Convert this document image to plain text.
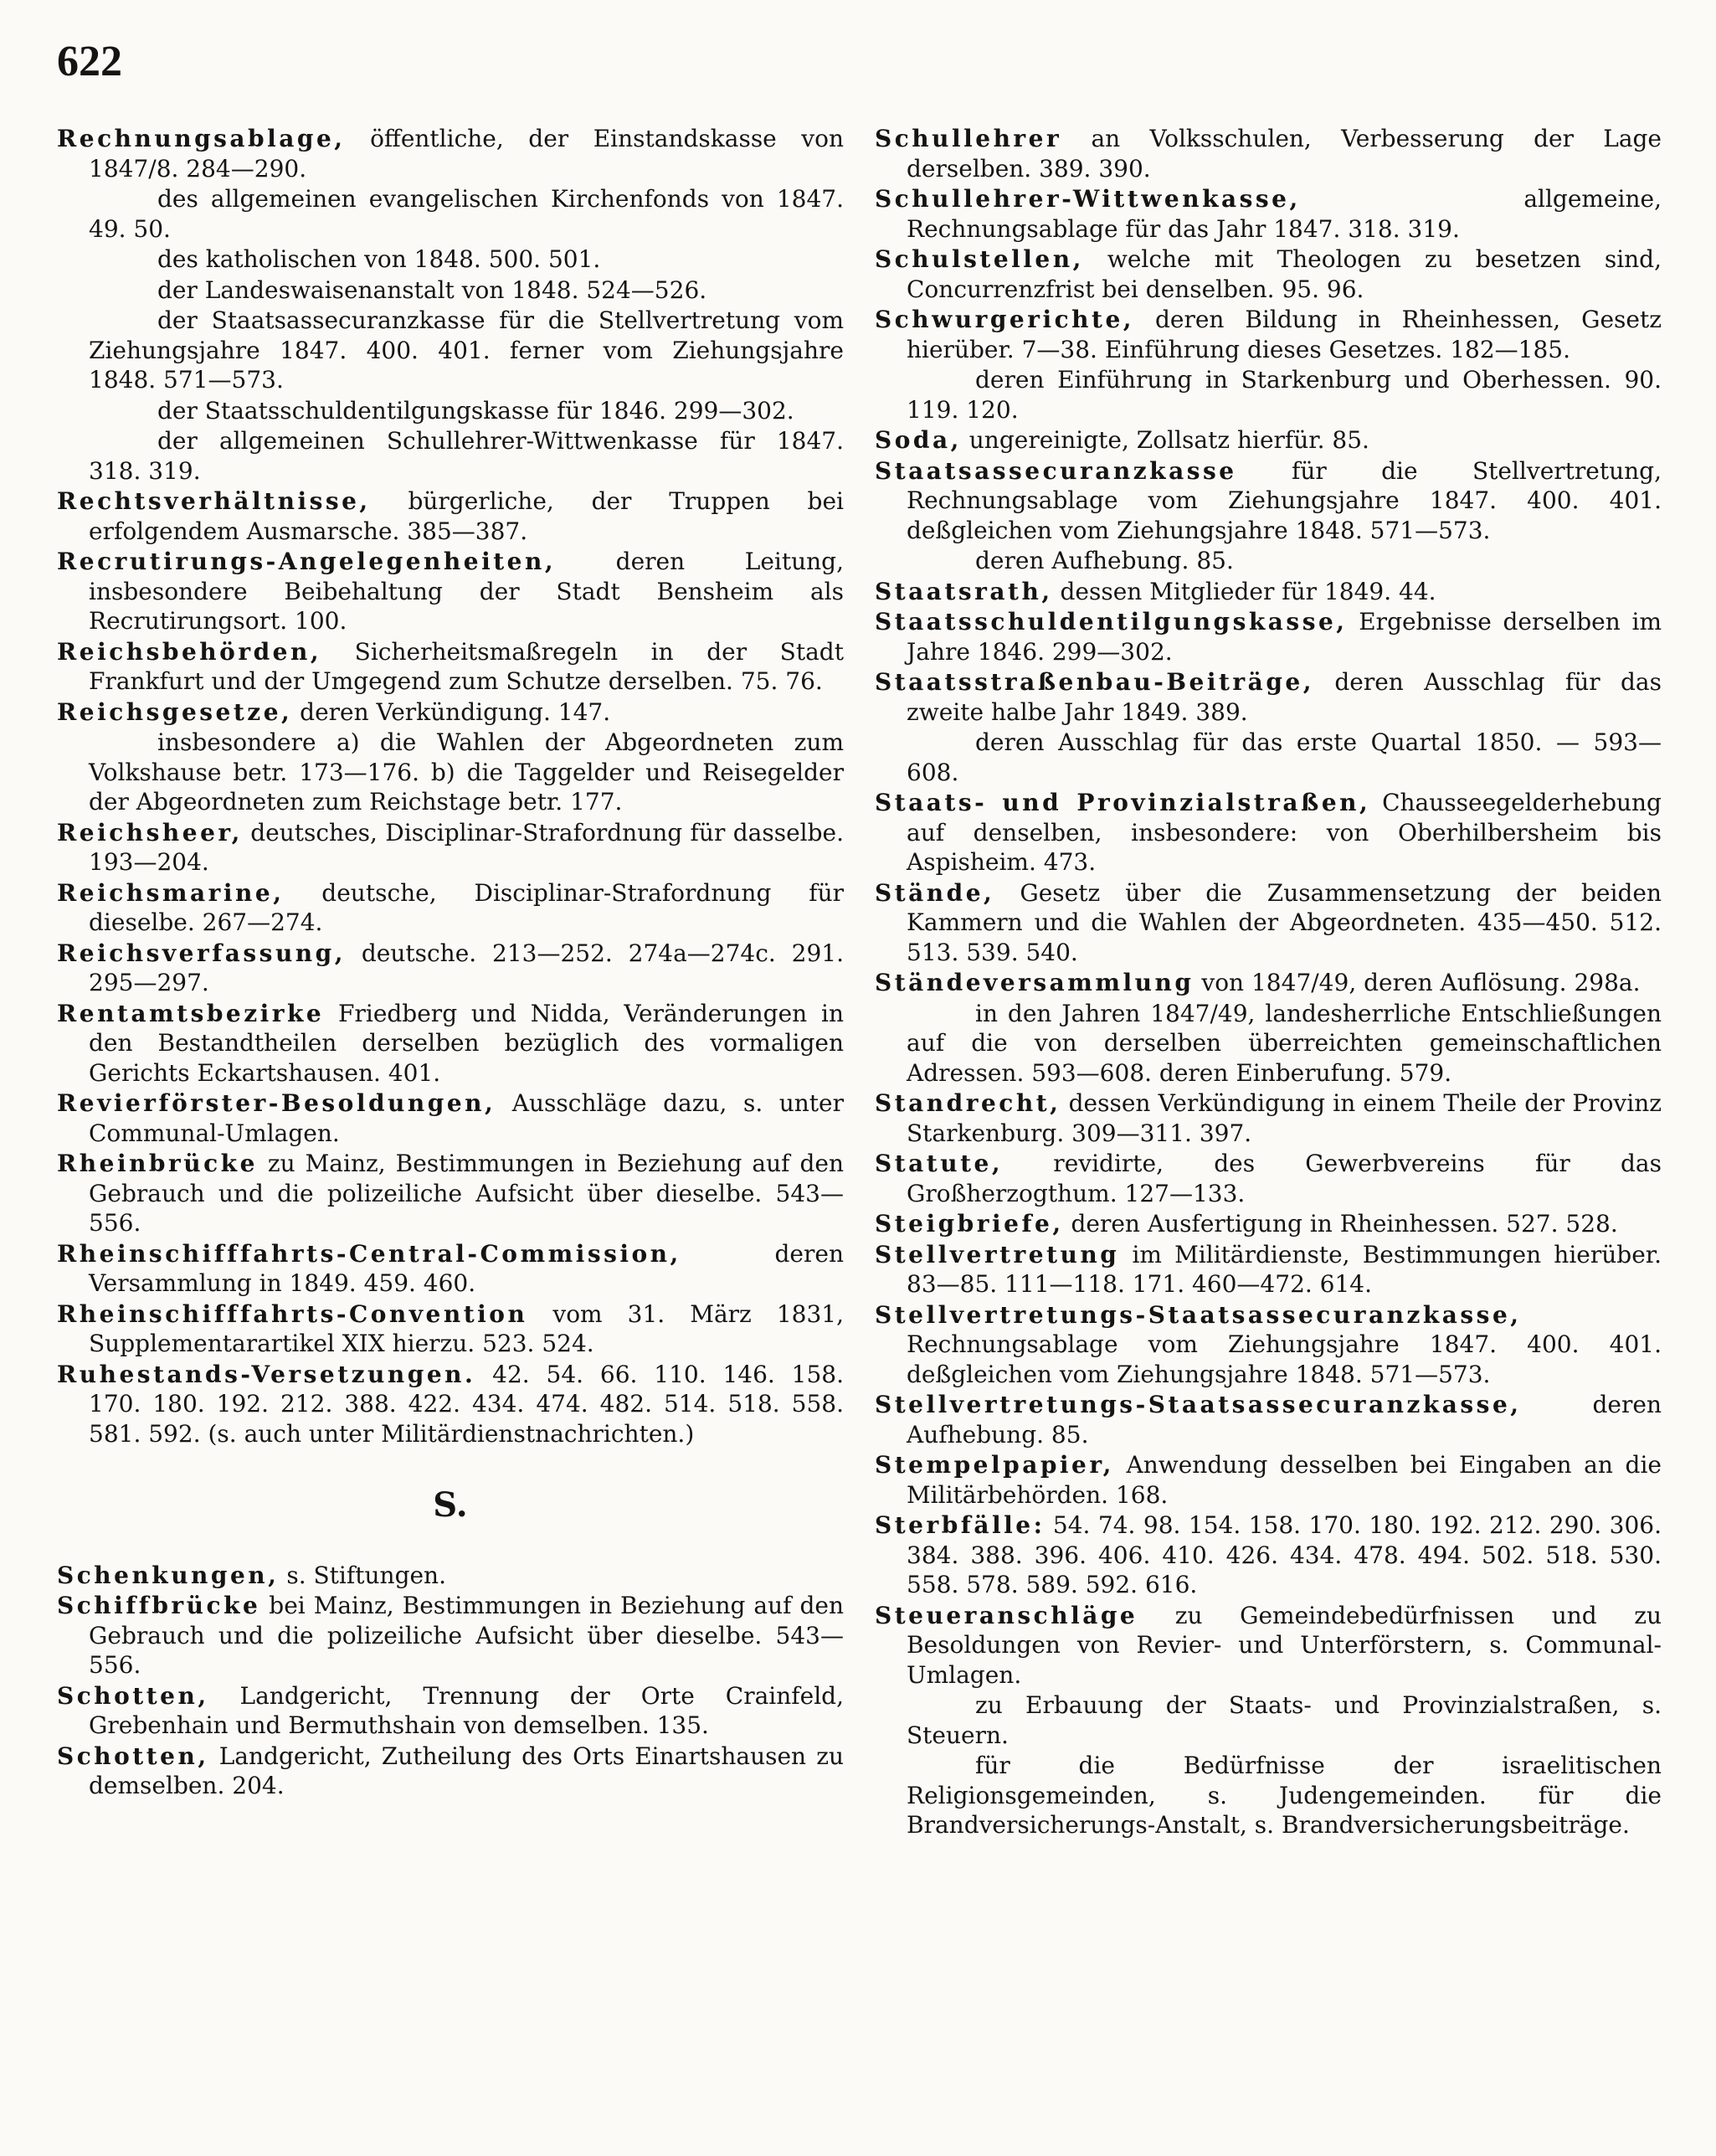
622
Rechnungsablage, öffentliche, der Einstandskasse von 1847/8. 284—290.
des allgemeinen evangelischen Kirchenfonds von 1847. 49. 50.
des katholischen von 1848. 500. 501.
der Landeswaisenanstalt von 1848. 524—526.
der Staatsassecuranzkasse für die Stellvertretung vom Ziehungsjahre 1847. 400. 401. ferner vom Ziehungsjahre 1848. 571—573.
der Staatsschuldentilgungskasse für 1846. 299—302.
der allgemeinen Schullehrer-Wittwenkasse für 1847. 318. 319.
Rechtsverhältnisse, bürgerliche, der Truppen bei erfolgendem Ausmarsche. 385—387.
Recrutirungs-Angelegenheiten, deren Leitung, insbesondere Beibehaltung der Stadt Bensheim als Recrutirungsort. 100.
Reichsbehörden, Sicherheitsmaßregeln in der Stadt Frankfurt und der Umgegend zum Schutze derselben. 75. 76.
Reichsgesetze, deren Verkündigung. 147.
insbesondere a) die Wahlen der Abgeordneten zum Volkshause betr. 173—176. b) die Taggelder und Reisegelder der Abgeordneten zum Reichstage betr. 177.
Reichsheer, deutsches, Disciplinar-Strafordnung für dasselbe. 193—204.
Reichsmarine, deutsche, Disciplinar-Strafordnung für dieselbe. 267—274.
Reichsverfassung, deutsche. 213—252. 274a—274c. 291. 295—297.
Rentamtsbezirke Friedberg und Nidda, Veränderungen in den Bestandtheilen derselben bezüglich des vormaligen Gerichts Eckartshausen. 401.
Revierförster-Besoldungen, Ausschläge dazu, s. unter Communal-Umlagen.
Rheinbrücke zu Mainz, Bestimmungen in Beziehung auf den Gebrauch und die polizeiliche Aufsicht über dieselbe. 543—556.
Rheinschifffahrts-Central-Commission, deren Versammlung in 1849. 459. 460.
Rheinschifffahrts-Convention vom 31. März 1831, Supplementarartikel XIX hierzu. 523. 524.
Ruhestands-Versetzungen. 42. 54. 66. 110. 146. 158. 170. 180. 192. 212. 388. 422. 434. 474. 482. 514. 518. 558. 581. 592. (s. auch unter Militärdienstnachrichten.)
S.
Schenkungen, s. Stiftungen.
Schiffbrücke bei Mainz, Bestimmungen in Beziehung auf den Gebrauch und die polizeiliche Aufsicht über dieselbe. 543—556.
Schotten, Landgericht, Trennung der Orte Crainfeld, Grebenhain und Bermuthshain von demselben. 135.
Schotten, Landgericht, Zutheilung des Orts Einartshausen zu demselben. 204.
Schullehrer an Volksschulen, Verbesserung der Lage derselben. 389. 390.
Schullehrer-Wittwenkasse, allgemeine, Rechnungsablage für das Jahr 1847. 318. 319.
Schulstellen, welche mit Theologen zu besetzen sind, Concurrenzfrist bei denselben. 95. 96.
Schwurgerichte, deren Bildung in Rheinhessen, Gesetz hierüber. 7—38. Einführung dieses Gesetzes. 182—185.
deren Einführung in Starkenburg und Oberhessen. 90. 119. 120.
Soda, ungereinigte, Zollsatz hierfür. 85.
Staatsassecuranzkasse für die Stellvertretung, Rechnungsablage vom Ziehungsjahre 1847. 400. 401. deßgleichen vom Ziehungsjahre 1848. 571—573.
deren Aufhebung. 85.
Staatsrath, dessen Mitglieder für 1849. 44.
Staatsschuldentilgungskasse, Ergebnisse derselben im Jahre 1846. 299—302.
Staatsstraßenbau-Beiträge, deren Ausschlag für das zweite halbe Jahr 1849. 389.
deren Ausschlag für das erste Quartal 1850. — 593—608.
Staats- und Provinzialstraßen, Chausseegelderhebung auf denselben, insbesondere: von Oberhilbersheim bis Aspisheim. 473.
Stände, Gesetz über die Zusammensetzung der beiden Kammern und die Wahlen der Abgeordneten. 435—450. 512. 513. 539. 540.
Ständeversammlung von 1847/49, deren Auflösung. 298a.
in den Jahren 1847/49, landesherrliche Entschließungen auf die von derselben überreichten gemeinschaftlichen Adressen. 593—608. deren Einberufung. 579.
Standrecht, dessen Verkündigung in einem Theile der Provinz Starkenburg. 309—311. 397.
Statute, revidirte, des Gewerbvereins für das Großherzogthum. 127—133.
Steigbriefe, deren Ausfertigung in Rheinhessen. 527. 528.
Stellvertretung im Militärdienste, Bestimmungen hierüber. 83—85. 111—118. 171. 460—472. 614.
Stellvertretungs-Staatsassecuranzkasse, Rechnungsablage vom Ziehungsjahre 1847. 400. 401. deßgleichen vom Ziehungsjahre 1848. 571—573.
Stellvertretungs-Staatsassecuranzkasse, deren Aufhebung. 85.
Stempelpapier, Anwendung desselben bei Eingaben an die Militärbehörden. 168.
Sterbfälle: 54. 74. 98. 154. 158. 170. 180. 192. 212. 290. 306. 384. 388. 396. 406. 410. 426. 434. 478. 494. 502. 518. 530. 558. 578. 589. 592. 616.
Steueranschläge zu Gemeindebedürfnissen und zu Besoldungen von Revier- und Unterförstern, s. Communal-Umlagen.
zu Erbauung der Staats- und Provinzialstraßen, s. Steuern.
für die Bedürfnisse der israelitischen Religionsgemeinden, s. Judengemeinden. für die Brandversicherungs-Anstalt, s. Brandversicherungsbeiträge.
